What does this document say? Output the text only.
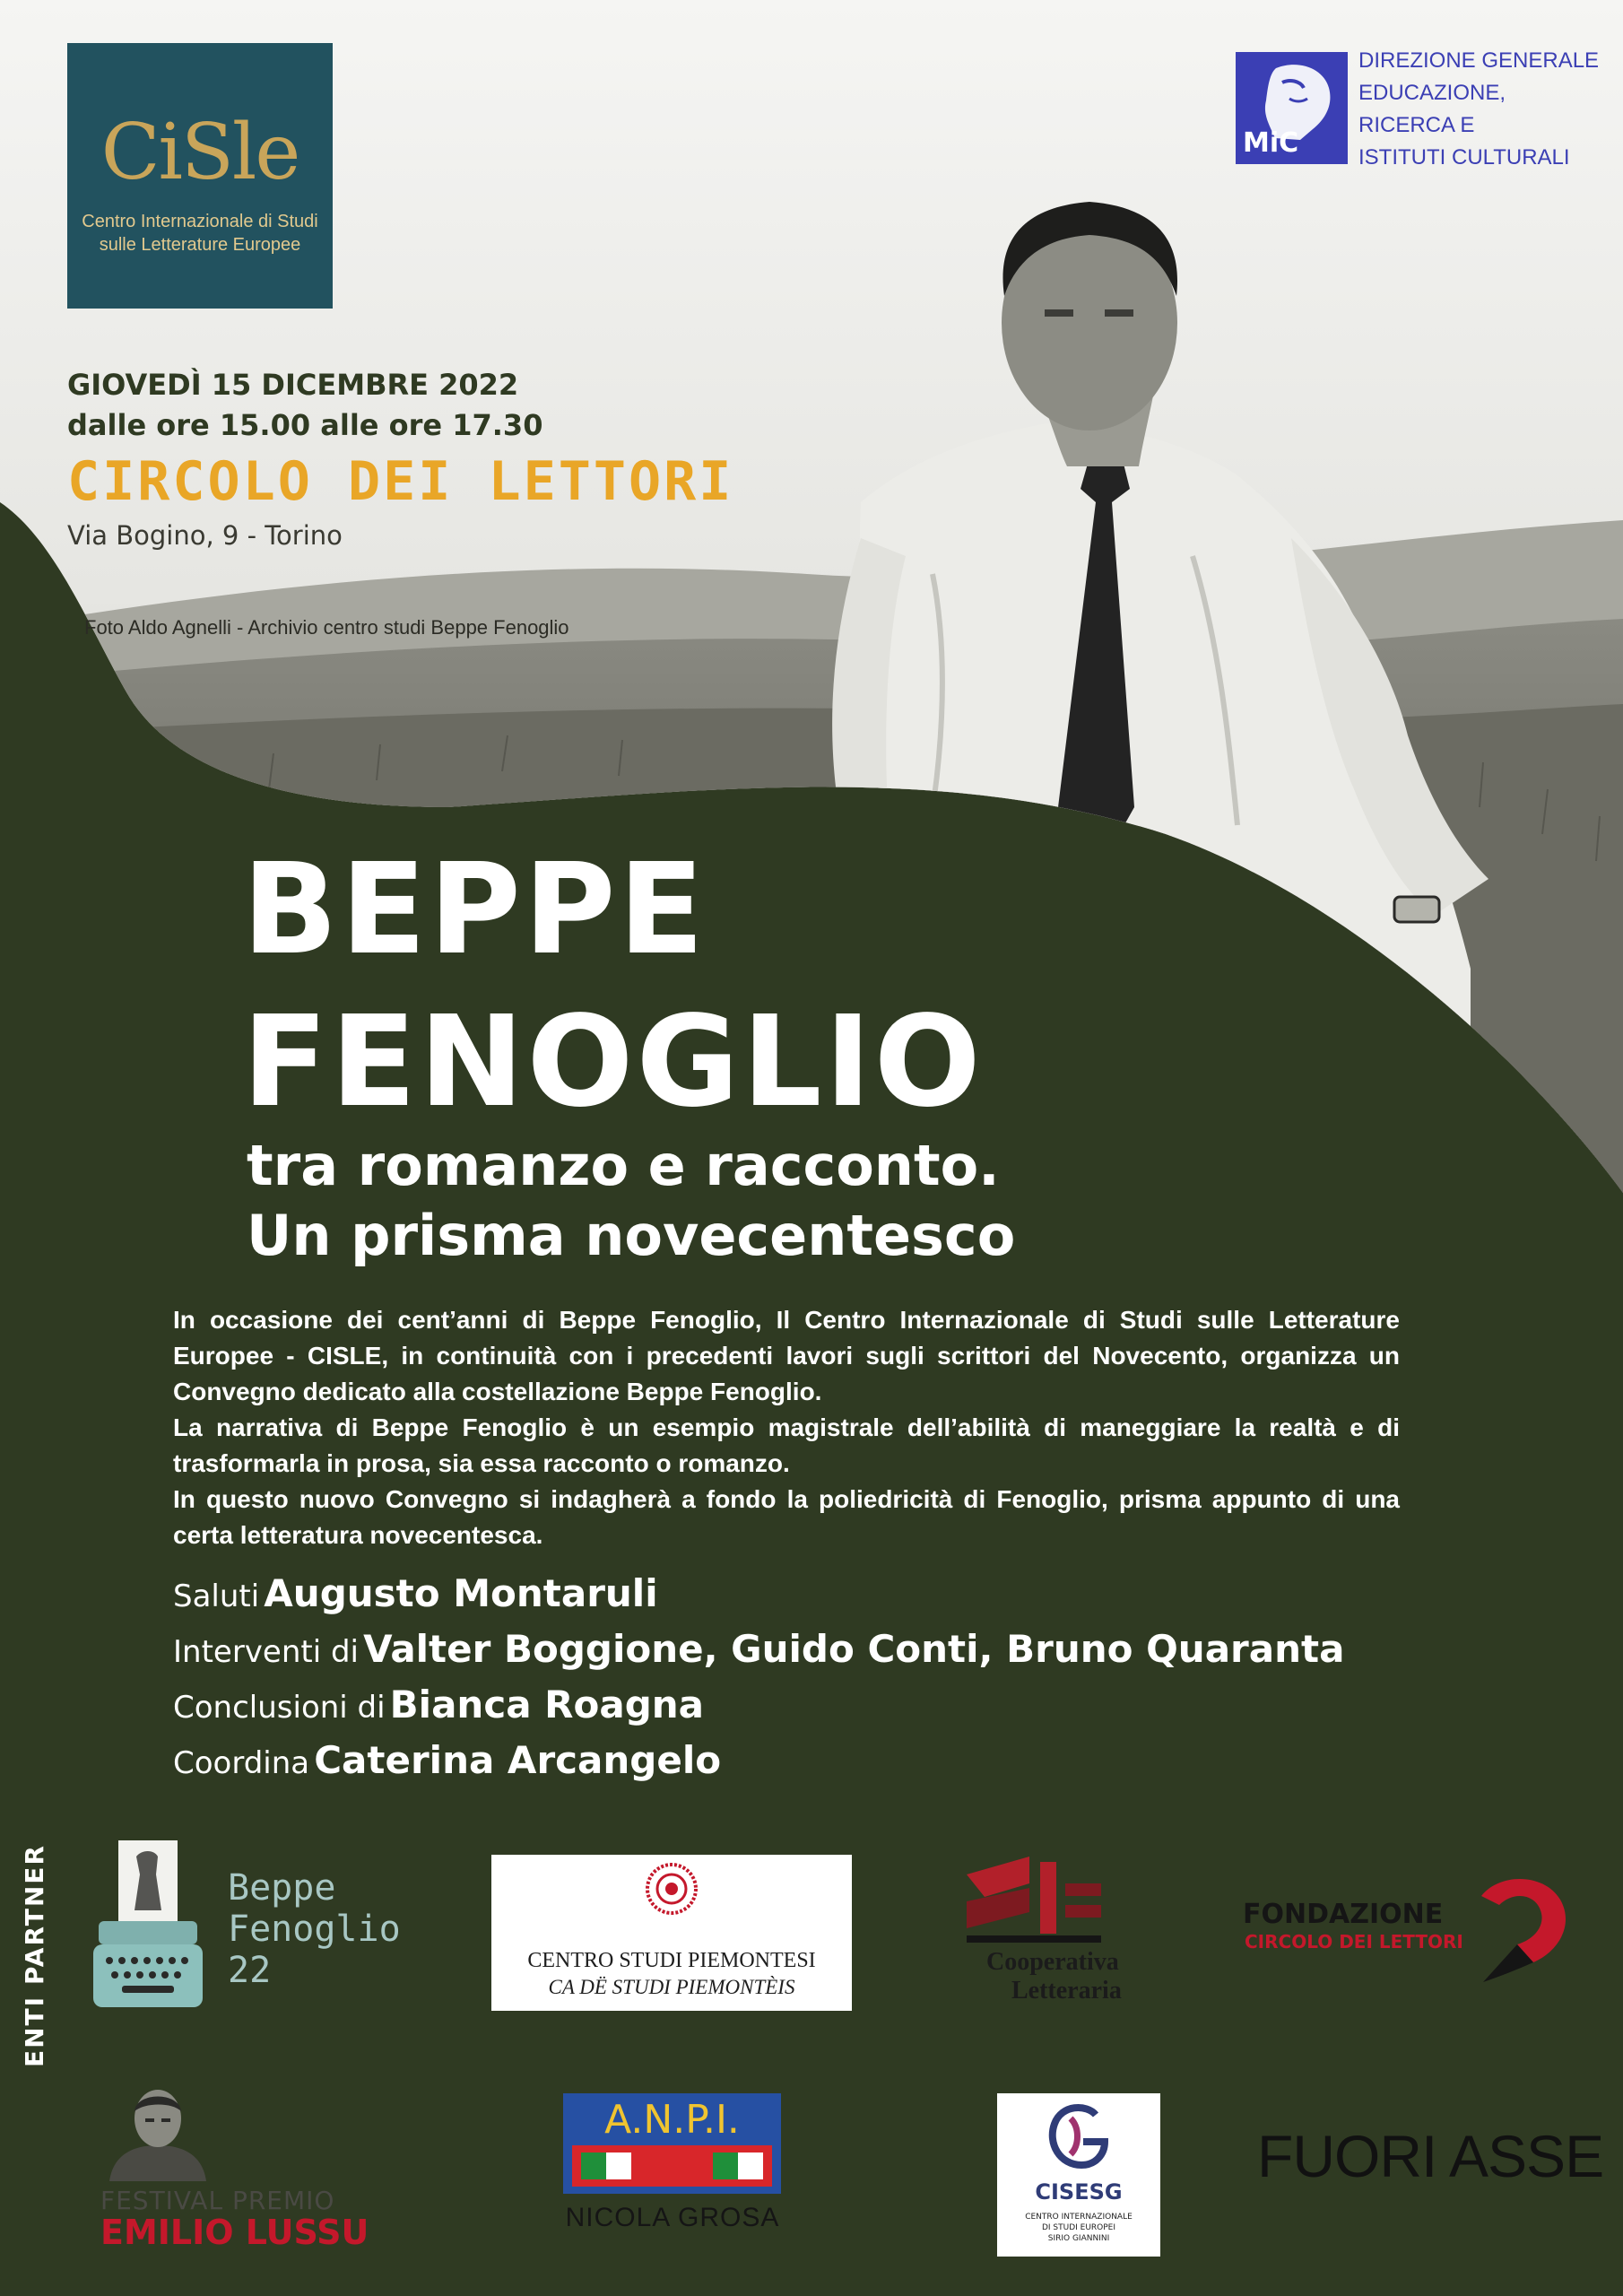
CiSle
Centro Internazionale di Studi
sulle Letterature Europee
MiC
DIREZIONE GENERALE
EDUCAZIONE,
RICERCA E
ISTITUTI CULTURALI
GIOVEDÌ 15 DICEMBRE 2022
dalle ore 15.00 alle ore 17.30
CIRCOLO DEI LETTORI
Via Bogino, 9 - Torino
Foto Aldo Agnelli - Archivio centro studi Beppe Fenoglio
BEPPE
FENOGLIO
tra romanzo e racconto.
Un prisma novecentesco

In occasione dei cent’anni di Beppe Fenoglio, Il Centro Internazionale di Studi sulle Letterature Europee - CISLE, in continuità con i precedenti lavori sugli scrittori del Novecento, organizza un Convegno dedicato alla costellazione Beppe Fenoglio.

La narrativa di Beppe Fenoglio è un esempio magistrale dell’abilità di maneggiare la realtà e di trasformarla in prosa, sia essa racconto o romanzo.

In questo nuovo Convegno si indagherà a fondo la poliedricità di Fenoglio, prisma appunto di una certa letteratura novecentesca.

Saluti Augusto Montaruli
Interventi di Valter Boggione, Guido Conti, Bruno Quaranta
Conclusioni di Bianca Roagna
Coordina Caterina Arcangelo
ENTI PARTNER	Beppe
Fenoglio
22	CENTRO STUDI PIEMONTESI
CA DË STUDI PIEMONTÈIS
Cooperativa
Letteraria
FONDAZIONE
CIRCOLO DEI LETTORI
FESTIVAL PREMIO
EMILIO LUSSU
A.N.P.I.
NICOLA GROSA
CISESG
CENTRO INTERNAZIONALE
DI STUDI EUROPEI
SIRIO GIANNINI
FUORI ASSE
